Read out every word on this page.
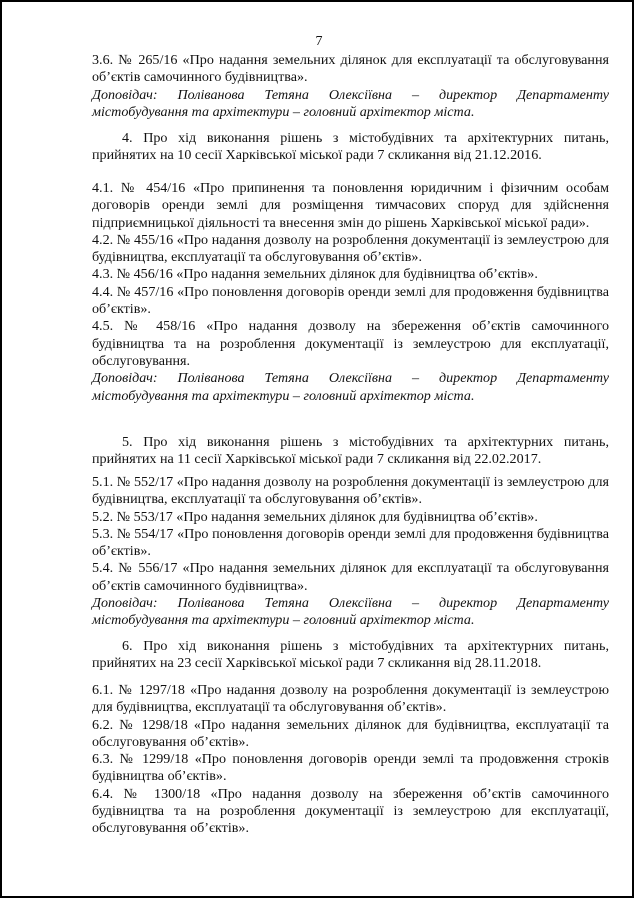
7

3.6. № 265/16 «Про надання земельних ділянок для експлуатації та обслуговування об’єктів самочинного будівництва».

Доповідач: Поліванова Тетяна Олексіївна – директор Департаменту містобудування та архітектури – головний архітектор міста.

4. Про хід виконання рішень з містобудівних та архітектурних питань, прийнятих на 10 сесії Харківської міської ради 7 скликання від 21.12.2016.

4.1. № 454/16 «Про припинення та поновлення юридичним і фізичним особам договорів оренди землі для розміщення тимчасових споруд для здійснення підприємницької діяльності та внесення змін до рішень Харківської міської ради».

4.2. № 455/16 «Про надання дозволу на розроблення документації із землеустрою для будівництва, експлуатації та обслуговування об’єктів».

4.3. № 456/16 «Про надання земельних ділянок для будівництва об’єктів».

4.4. № 457/16 «Про поновлення договорів оренди землі для продовження будівництва об’єктів».

4.5. № 458/16 «Про надання дозволу на збереження об’єктів самочинного будівництва та на розроблення документації із землеустрою для експлуатації, обслуговування.

Доповідач: Поліванова Тетяна Олексіївна – директор Департаменту містобудування та архітектури – головний архітектор міста.

5. Про хід виконання рішень з містобудівних та архітектурних питань, прийнятих на 11 сесії Харківської міської ради 7 скликання від 22.02.2017.

5.1. № 552/17 «Про надання дозволу на розроблення документації із землеустрою для будівництва, експлуатації та обслуговування об’єктів».

5.2. № 553/17 «Про надання земельних ділянок для будівництва об’єктів».

5.3. № 554/17 «Про поновлення договорів оренди землі для продовження будівництва об’єктів».

5.4. № 556/17 «Про надання земельних ділянок для експлуатації та обслуговування об’єктів самочинного будівництва».

Доповідач: Поліванова Тетяна Олексіївна – директор Департаменту містобудування та архітектури – головний архітектор міста.

6. Про хід виконання рішень з містобудівних та архітектурних питань, прийнятих на 23 сесії Харківської міської ради 7 скликання від 28.11.2018.

6.1. № 1297/18 «Про надання дозволу на розроблення документації із землеустрою для будівництва, експлуатації та обслуговування об’єктів».

6.2. № 1298/18 «Про надання земельних ділянок для будівництва, експлуатації та обслуговування об’єктів».

6.3. № 1299/18 «Про поновлення договорів оренди землі та продовження строків будівництва об’єктів».

6.4. № 1300/18 «Про надання дозволу на збереження об’єктів самочинного будівництва та на розроблення документації із землеустрою для експлуатації, обслуговування об’єктів».
